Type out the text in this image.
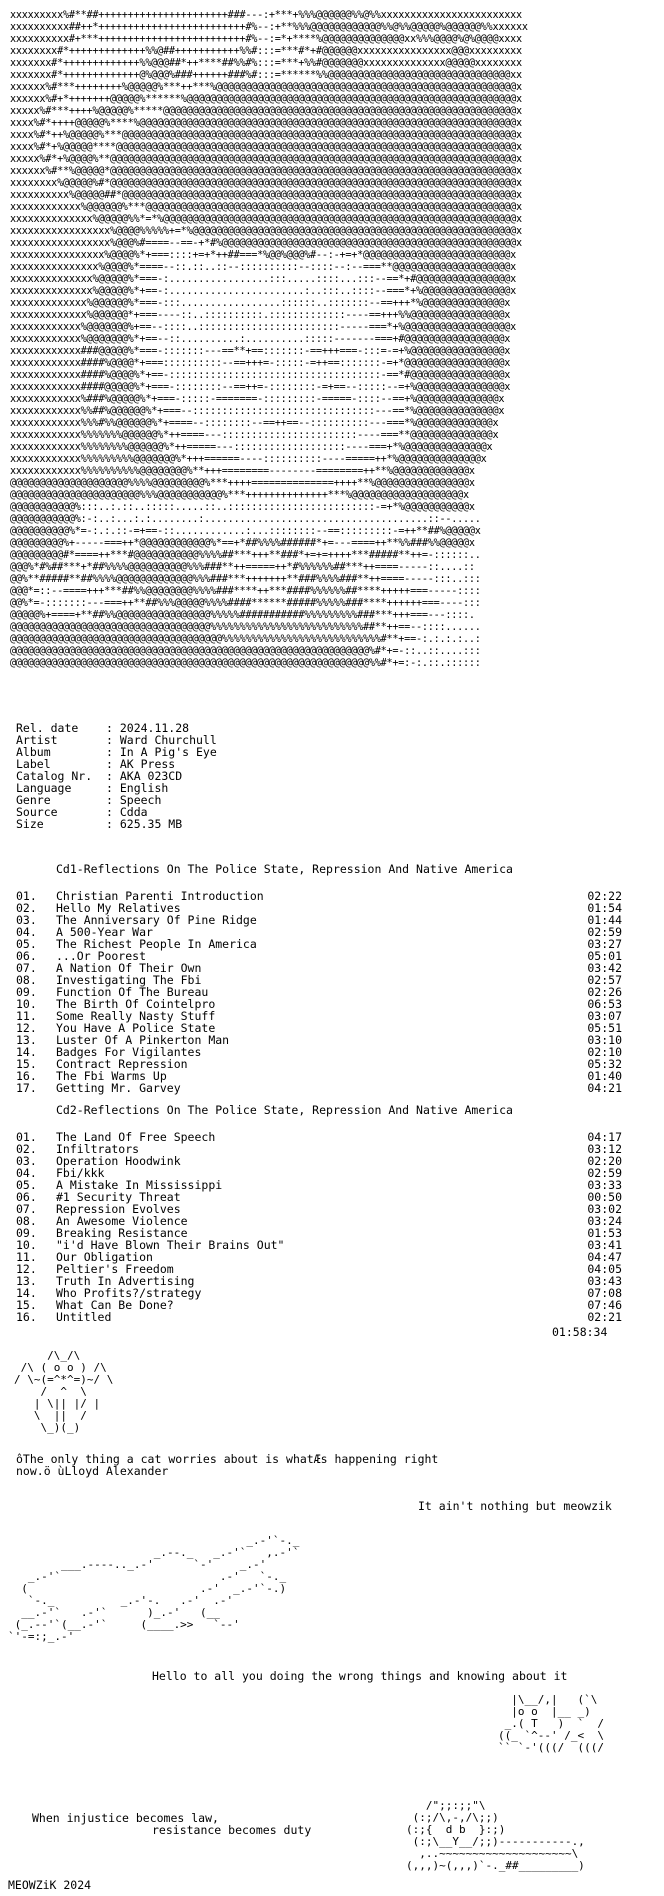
xxxxxxxxx%#**##++++++++++++++++++++++###---:+***+%%%@@@@@@%%@%%xxxxxxxxxxxxxxxxxxxxxxxx
xxxxxxxxxx##++*+++++++++++++++++++++++++#%--:+**%%%@@@@@@@@@@@@%%@%%@@@@@%@@@@@@%%xxxxxx
xxxxxxxxxx#+***+++++++++++++++++++++++++#%--:=*+****%@@@@@@@@@@@@@@xx%%%@@@@%@%@@@@xxxx
xxxxxxxx#*+++++++++++++%%@##+++++++++++%%#:::=***#*+#@@@@@@xxxxxxxxxxxxxxxx@@@xxxxxxxxx
xxxxxxx#*+++++++++++++%%@@@##*++****##%%#%:::=***+%%#@@@@@@@xxxxxxxxxxxxxx@@@@@xxxxxxxx
xxxxxxx#*+++++++++++++@%@@@%###++++++###%#:::=******%%@@@@@@@@@@@@@@@@@@@@@@@@@@@@@@@xx
xxxxxx%#***++++++++%@@@@@%***++***%@@@@@@@@@@@@@@@@@@@@@@@@@@@@@@@@@@@@@@@@@@@@@@@@@@@x
xxxxxx%#+*+++++++@@@@@%******%@@@@@@@@@@@@@@@@@@@@@@@@@@@@@@@@@@@@@@@@@@@@@@@@@@@@@@@@x
xxxxx%#***++++%@@@@@%*****@@@@@@@@@@@@@@@@@@@@@@@@@@@@@@@@@@@@@@@@@@@@@@@@@@@@@@@@@@@@x
xxxx%#*++++@@@@@%****%@@@@@@@@@@@@@@@@@@@@@@@@@@@@@@@@@@@@@@@@@@@@@@@@@@@@@@@@@@@@@@@@x
xxxx%#*++%@@@@@%***@@@@@@@@@@@@@@@@@@@@@@@@@@@@@@@@@@@@@@@@@@@@@@@@@@@@@@@@@@@@@@@@@@@x
xxxx%#*+%@@@@@****@@@@@@@@@@@@@@@@@@@@@@@@@@@@@@@@@@@@@@@@@@@@@@@@@@@@@@@@@@@@@@@@@@@@x
xxxxx%#*+%@@@@%**@@@@@@@@@@@@@@@@@@@@@@@@@@@@@@@@@@@@@@@@@@@@@@@@@@@@@@@@@@@@@@@@@@@@@x
xxxxxx%#**%@@@@@*@@@@@@@@@@@@@@@@@@@@@@@@@@@@@@@@@@@@@@@@@@@@@@@@@@@@@@@@@@@@@@@@@@@@@x
xxxxxxxx%@@@@@%#*@@@@@@@@@@@@@@@@@@@@@@@@@@@@@@@@@@@@@@@@@@@@@@@@@@@@@@@@@@@@@@@@@@@@@x
xxxxxxxxxx%@@@@@##*@@@@@@@@@@@@@@@@@@@@@@@@@@@@@@@@@@@@@@@@@@@@@@@@@@@@@@@@@@@@@@@@@@@x
xxxxxxxxxxxx%@@@@@@%***@@@@@@@@@@@@@@@@@@@@@@@@@@@@@@@@@@@@@@@@@@@@@@@@@@@@@@@@@@@@@@@x
xxxxxxxxxxxxxx%@@@@@%%*=*%@@@@@@@@@@@@@@@@@@@@@@@@@@@@@@@@@@@@@@@@@@@@@@@@@@@@@@@@@@@@x
xxxxxxxxxxxxxxxxx%@@@@%%%%%+=*%@@@@@@@@@@@@@@@@@@@@@@@@@@@@@@@@@@@@@@@@@@@@@@@@@@@@@@@x
xxxxxxxxxxxxxxxxx%@@@%#====--==-+*#%@@@@@@@@@@@@@@@@@@@@@@@@@@@@@@@@@@@@@@@@@@@@@@@@@@x
xxxxxxxxxxxxxxxx%@@@@%*+===::::+=+*++##===*%@@%@@@%#--:-+=+*@@@@@@@@@@@@@@@@@@@@@@@@@x
xxxxxxxxxxxxxxx%@@@@%*====--::.::..::--::::::::::--::::--:--===**@@@@@@@@@@@@@@@@@@@@x
xxxxxxxxxxxxxx%@@@@@%*===-:.................:::.....::::...:::--==*+#@@@@@@@@@@@@@@@@x
xxxxxxxxxxxxxx%@@@@@%*+==-:.......................:..:::..::::--===*+%@@@@@@@@@@@@@@@x
xxxxxxxxxxxxx%@@@@@@%*===-:::.................::::::..:::::::--==+++*%@@@@@@@@@@@@@@x
xxxxxxxxxxxxx%@@@@@@*+===----::..::::::::::.:::::::::::::----==+++%%@@@@@@@@@@@@@@@@x
xxxxxxxxxxxx%@@@@@@@%+==--::::..::::::::::::::::::::::::-----===*+%@@@@@@@@@@@@@@@@@@x
xxxxxxxxxxxx%@@@@@@@%*+==--::..........:..........:::::-------===+#@@@@@@@@@@@@@@@@@x
xxxxxxxxxxxx###@@@@@%*===-:::::::---==**+==:::::::-==+++===-:::=-=+%@@@@@@@@@@@@@@@@x
xxxxxxxxxxxx####%@@@@*+===::::::::::--==+++=-:::::-=++==:::::::-=+*@@@@@@@@@@@@@@@@@x
xxxxxxxxxxxx####%@@@@%*+==-::::::::::::::::::::::::::::::::::::-==*#@@@@@@@@@@@@@@@@x
xxxxxxxxxxxx####@@@@@%*+===-::::::::--==++=-::::::::-=+==--:::::--=+%@@@@@@@@@@@@@@@x
xxxxxxxxxxxx%###%@@@@@%*+===-:::::-=======-:::::::::-=====-::::--==+%@@@@@@@@@@@@@@x
xxxxxxxxxxxx%%##%@@@@@@%*+===--:::::::::::::::::::::::::::::::---==*%@@@@@@@@@@@@@@x
xxxxxxxxxxxx%%%#%%@@@@@@%*+====--::::::::--==++==--::::::::::---===*%@@@@@@@@@@@@@x
xxxxxxxxxxxx%%%%%%%@@@@@@%*++====---:::::::::::::::::::::::----===**@@@@@@@@@@@@@@x
xxxxxxxxxxxx%%%%%%%%@@@@@@%*++=====---:::::::::::::::::::----===+*%@@@@@@@@@@@@@@x
xxxxxxxxxxxx%%%%%%%%%@@@@@@@%*+++======----::::::::::----=====++*%@@@@@@@@@@@@@@x
xxxxxxxxxxxx%%%%%%%%%%@@@@@@@@%**+++========--------========++**%@@@@@@@@@@@@@x
@@@@@@@@@@@@@@@@@@@@%%%%@@@@@@@@@%***++++==============++++**%@@@@@@@@@@@@@@@@x
@@@@@@@@@@@@@@@@@@@@@@%%%@@@@@@@@@@@%***++++++++++++++***%@@@@@@@@@@@@@@@@@@@x
@@@@@@@@@@@%:::..:.::..:::::.....::..:::::::::::::::::::::::::-=+*%@@@@@@@@@@@x
@@@@@@@@@@@%:-:..:...:.:........:......................................::--.....
@@@@@@@@@@%*=-:.:.::-=+==-::............:...::::::::--==:::::::::-=++**##%@@@@@x
@@@@@@@@@%+-----===++*@@@@@@@@@@@@%*==+*##%%%%######*+=---====++**%%###%%@@@@@x
@@@@@@@@@#*====++***#@@@@@@@@@@@%%%%##***+++**###*+=+=++++***#####**++=-::::::..
@@@%*#%##***+*##%%%%@@@@@@@@@@%%%###**++=====++*#%%%%%%##***++====-----::....::
@@%**#####**##%%%%@@@@@@@@@@@@@%%%###***+++++++**###%%%%###**++====-----:::..:::
@@@*=::--====+++***##%%@@@@@@@@%%%%###****++***####%%%%%%##****+++++===-----::::
@@%*=-:::::::---===++**##%%%@@@@@%%%%####******#####%%%%%###****++++++===----:::
@@@@@%+====+**##%%@@@@@@@@@@@@@@@@%%%%%###########%%%%%%%%%###***+++===---::::.
@@@@@@@@@@@@@@@@@@@@@@@@@@@@@@@@@@%%%%%%%%%%%%%%%%%%%%%%%%%%##**++==--::::......
@@@@@@@@@@@@@@@@@@@@@@@@@@@@@@@@@@@@%%%%%%%%%%%%%%%%%%%%%%%%%%%#**+==-:.:.:.:..:
@@@@@@@@@@@@@@@@@@@@@@@@@@@@@@@@@@@@@@@@@@@@@@@@@@@@@@@@@@@@@%#*+=-::..::....:::
@@@@@@@@@@@@@@@@@@@@@@@@@@@@@@@@@@@@@@@@@@@@@@@@@@@@@@@@@@@@@%%#*+=:-:.::.::::::
Rel. date	: 2024.11.28
Artist	: Ward Churchull
Album	: In A Pig's Eye
Label	: AK Press
Catalog Nr.	: AKA 023CD
Language	: English
Genre	: Speech
Source	: Cdda
Size	: 625.35 MB
Cd1-Reflections On The Police State, Repression And Native America
01.	Christian Parenti Introduction	02:22
02.	Hello My Relatives	01:54
03.	The Anniversary Of Pine Ridge	01:44
04.	A 500-Year War	02:59
05.	The Richest People In America	03:27
06.	...Or Poorest	05:01
07.	A Nation Of Their Own	03:42
08.	Investigating The Fbi	02:57
09.	Function Of The Bureau	02:26
10.	The Birth Of Cointelpro	06:53
11.	Some Really Nasty Stuff	03:07
12.	You Have A Police State	05:51
13.	Luster Of A Pinkerton Man	03:10
14.	Badges For Vigilantes	02:10
15.	Contract Repression	05:32
16.	The Fbi Warms Up	01:40
17.	Getting Mr. Garvey	04:21
Cd2-Reflections On The Police State, Repression And Native America
01.	The Land Of Free Speech	04:17
02.	Infiltrators	03:12
03.	Operation Hoodwink	02:20
04.	Fbi/kkk	02:59
05.	A Mistake In Mississippi	03:33
06.	#1 Security Threat	00:50
07.	Repression Evolves	03:02
08.	An Awesome Violence	03:24
09.	Breaking Resistance	01:53
10.	"i'd Have Blown Their Brains Out"	03:41
11.	Our Obligation	04:47
12.	Peltier's Freedom	04:05
13.	Truth In Advertising	03:43
14.	Who Profits?/strategy	07:08
15.	What Can Be Done?	07:46
16.	Untitled	02:21
01:58:34
/\_/\
/\ ( o o ) /\
/ \~(=^*^=)~/ \
/  ^  \
| \|| |/ |
\  ||  /
\_)(_)
ôThe only thing a cat worries about is whatÆs happening right
now.ö ùLloyd Alexander
It ain't nothing but meowzik
_.-'`-._
_.--._   _.-'`   ,.-'`
___.----.._.-'      `-'    _.-'
_.-'`                        .-'   `-._
(                          .-'  _.-'`-.)
`-._          _.-'-.   .-'  .-'
__.-'`   .-'`      )_.-'   (__
(_.--'`(__.-'`     (____.>>   `--'
`'-=:;_.-'
Hello to all you doing the wrong things and knowing about it
|\__/,|   (`\
|o o  |__ _)
_.( T   )  `  /
((_ `^--' /_<  \
`` `-'(((/  (((/
When injustice becomes law,
resistance becomes duty
/";;:;;"\
(:;/\,-,/\;;)
(:;{  d b  }:;)
(:;\__Y__/;;)-----------.,
,..~~~~~~~~~~~~~~~~~~~~\
(,,,)~(,,,)`-._##_________)
MEOWZiK 2024
